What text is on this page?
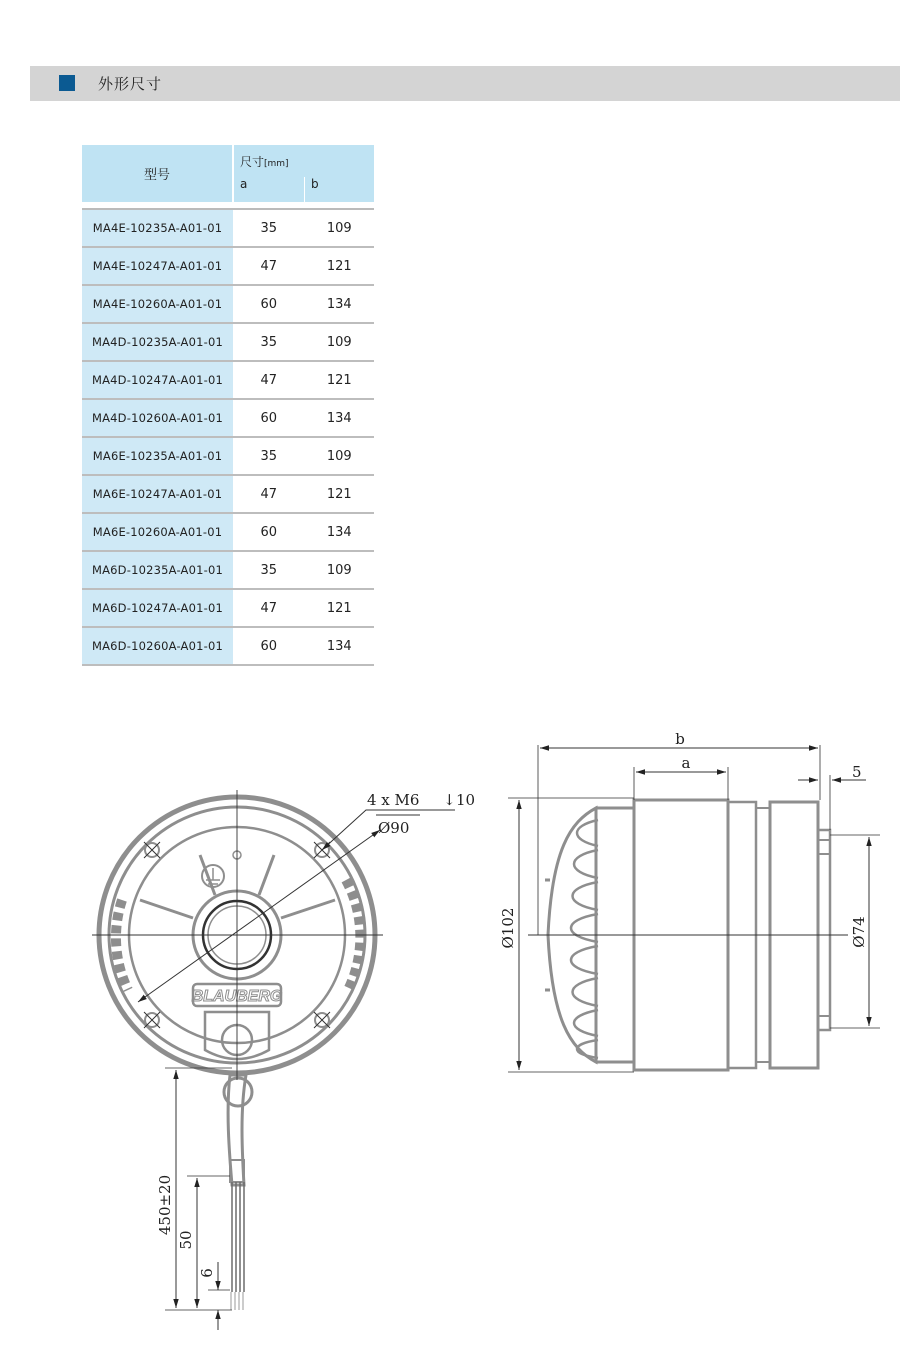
外形尺寸
型号	尺寸[mm]	
	a	b

MA4E-10235A-A01-01	35	109
MA4E-10247A-A01-01	47	121
MA4E-10260A-A01-01	60	134
MA4D-10235A-A01-01	35	109
MA4D-10247A-A01-01	47	121
MA4D-10260A-A01-01	60	134
MA6E-10235A-A01-01	35	109
MA6E-10247A-A01-01	47	121
MA6E-10260A-A01-01	60	134
MA6D-10235A-A01-01	35	109
MA6D-10247A-A01-01	47	121
MA6D-10260A-A01-01	60	134
BLAUBERG
4 x M6 ↓ 10
Ø90
450±20
50
6
b
a	5
Ø102	Ø74
